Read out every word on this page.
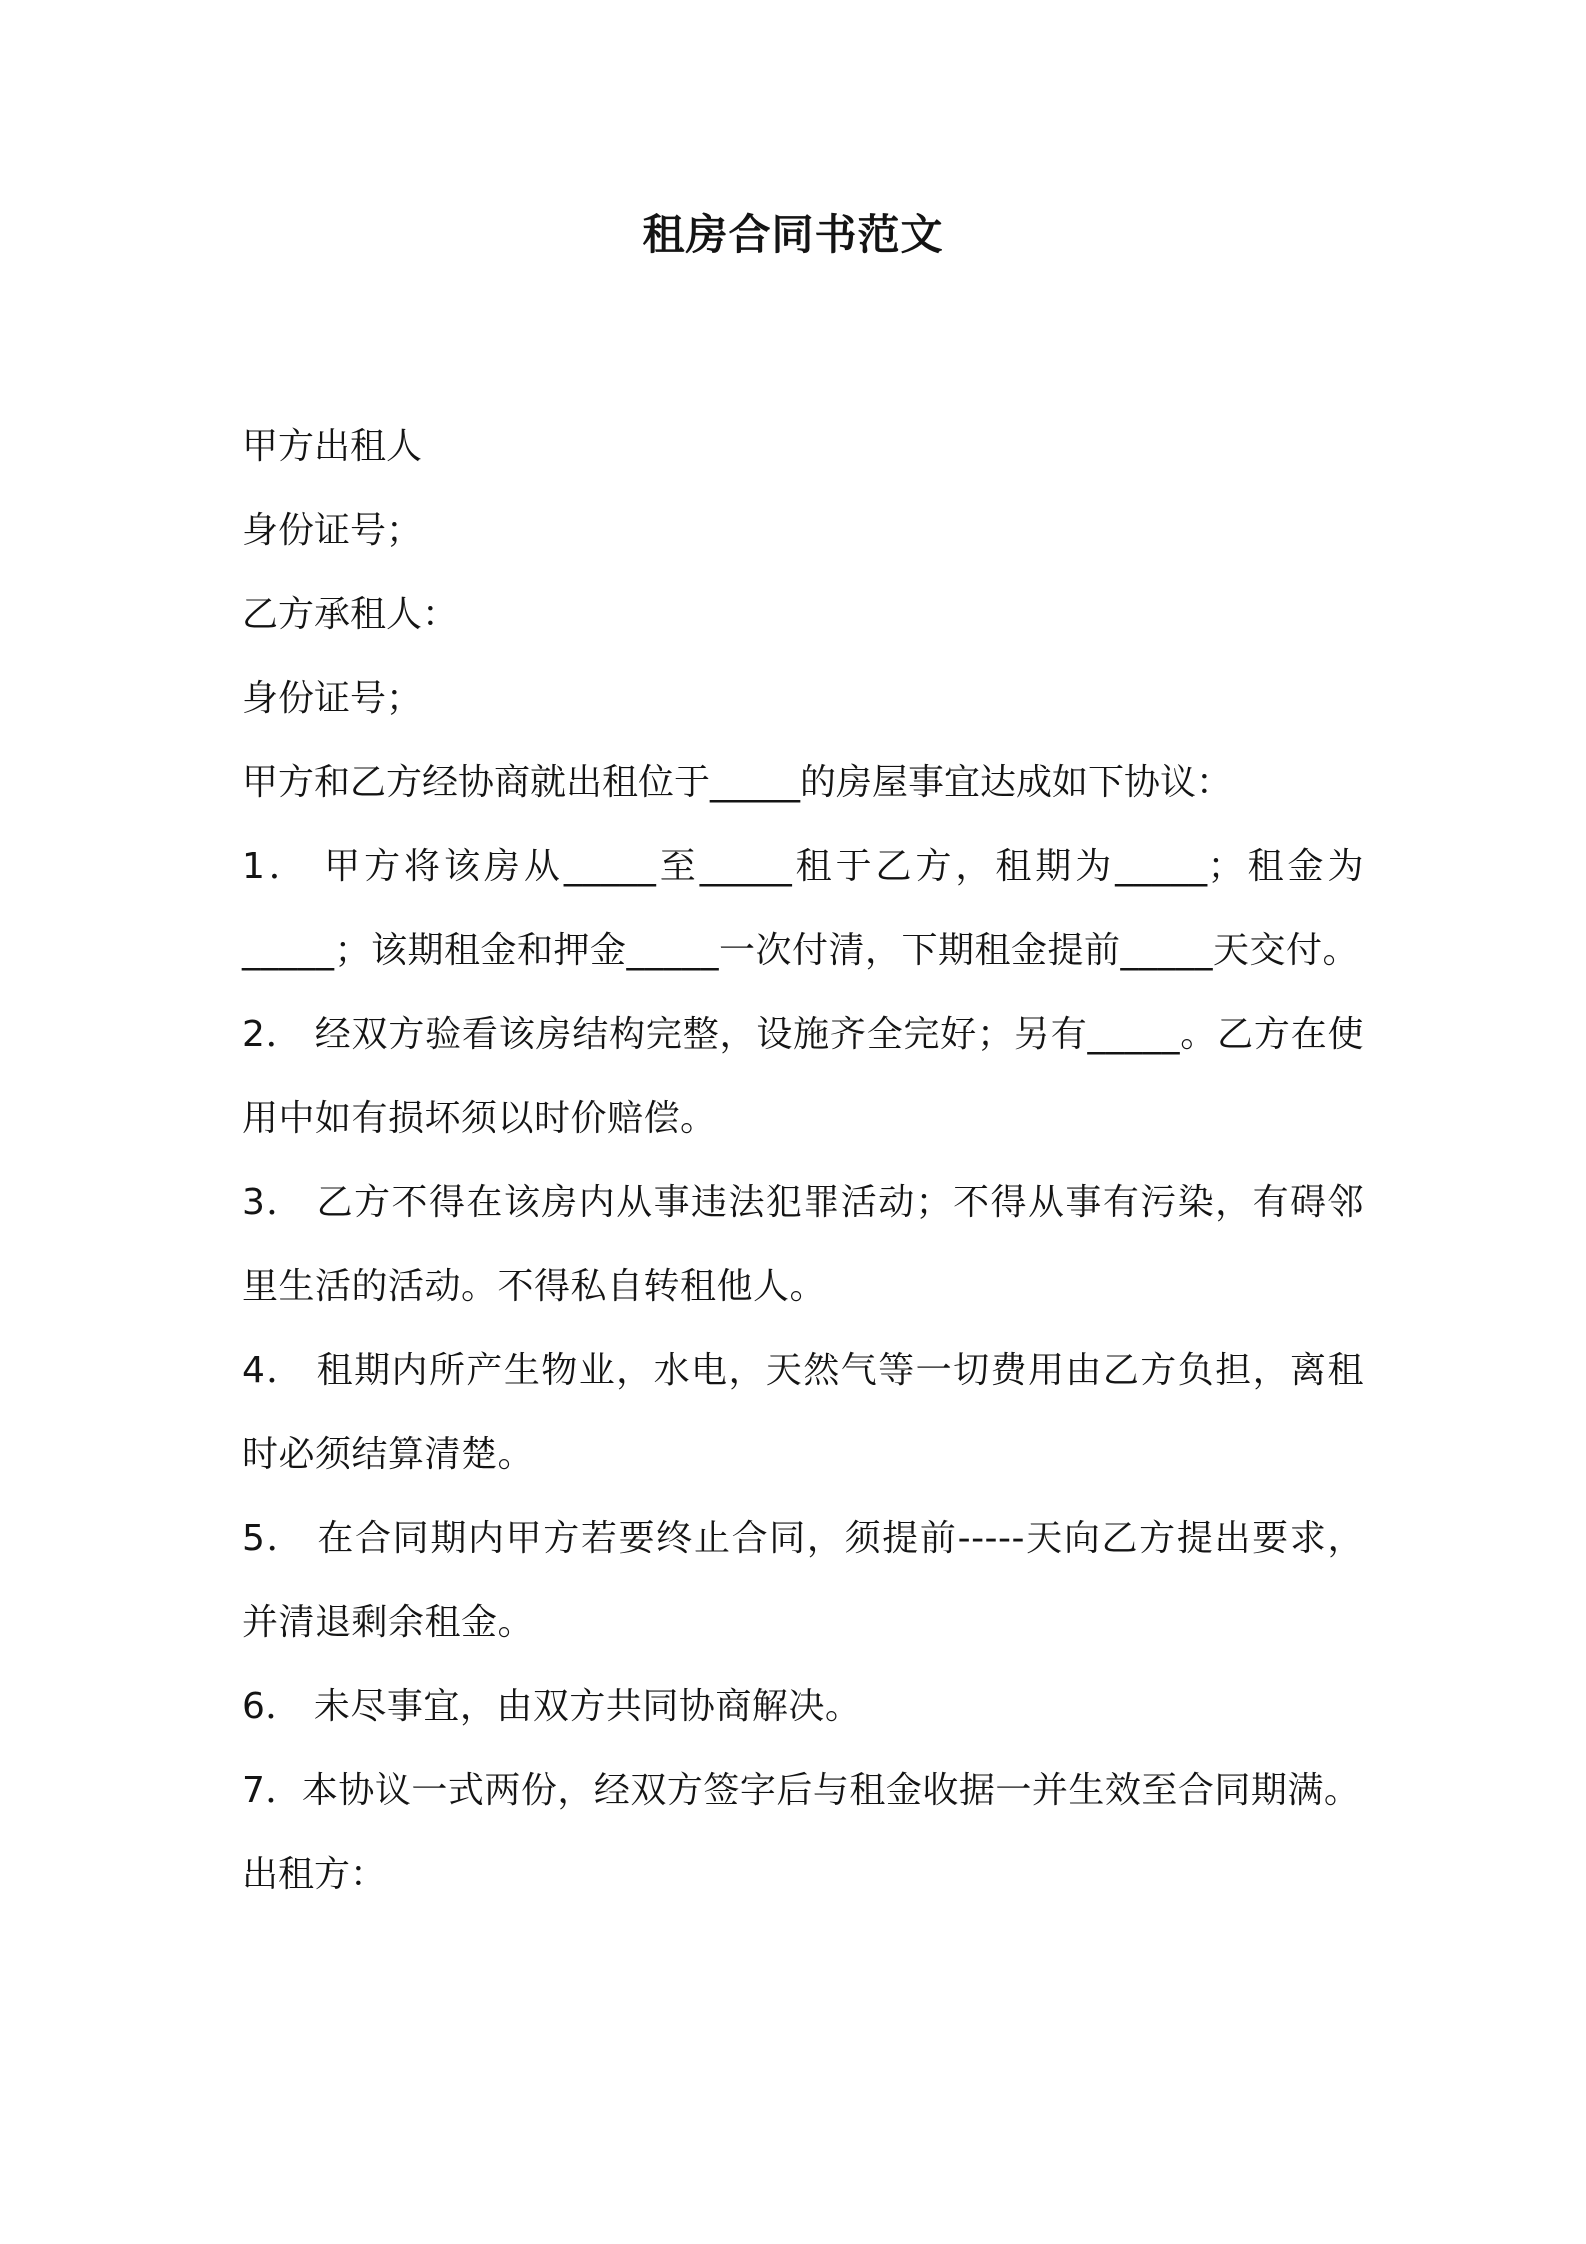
租房合同书范文
甲方出租人
身份证号；
乙方承租人：
身份证号；
甲方和乙方经协商就出租位于_____的房屋事宜达成如下协议：
1． 甲方将该房从_____至_____租于乙方，租期为_____；租金为_____；该期租金和押金_____一次付清，下期租金提前_____天交付。
2． 经双方验看该房结构完整，设施齐全完好；另有_____。乙方在使用中如有损坏须以时价赔偿。
3． 乙方不得在该房内从事违法犯罪活动；不得从事有污染，有碍邻里生活的活动。不得私自转租他人。
4． 租期内所产生物业，水电，天然气等一切费用由乙方负担，离租时必须结算清楚。
5． 在合同期内甲方若要终止合同，须提前-----天向乙方提出要求，并清退剩余租金。
6． 未尽事宜，由双方共同协商解决。
7．本协议一式两份，经双方签字后与租金收据一并生效至合同期满。
出租方：
